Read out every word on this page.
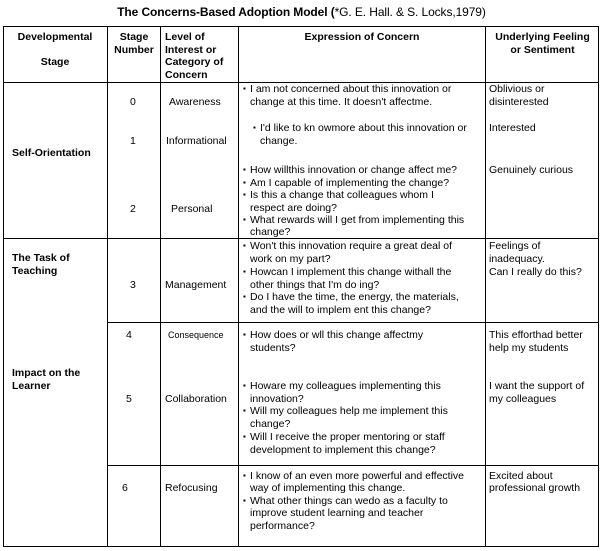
The Concerns-Based Adoption Model (*G. E. Hall. & S. Locks,1979)
Developmental
Stage
Stage
Number
Level of
Interest or
Category of
Concern
Expression of Concern	Underlying Feeling
or Sentiment
Self-Orientation
The Task of
Teaching
Impact on the
Learner
0	Awareness
▪ I am not concerned about this innovation or
change at this time. It doesn't affectme.
Oblivious or
disinterested
1	Informational
▪ I'd like to kn owmore about this innovation or
change.
Interested
2	Personal
▪ How willthis innovation or change affect me?
▪ Am I capable of implementing the change?
▪ Is this a change that colleagues whom I
respect are doing?
▪ What rewards will I get from implementing this
change?
Genuinely curious
3	Management
▪ Won't this innovation require a great deal of
work on my part?
▪ Howcan I implement this change withall the
other things that I'm do ing?
▪ Do I have the time, the energy, the materials,
and the will to implem ent this change?
Feelings of
inadequacy.
Can I really do this?
4	Consequence
▪	How does or wll this change affectmy
students?
This efforthad better
help my students
5	Collaboration
▪ Howare my colleagues implementing this
innovation?
▪ Will my colleagues help me implement this
change?
▪ Will I receive the proper mentoring or staff
development to implement this change?
I want the support of
my colleagues
6	Refocusing
▪ I know of an even more powerful and effective
way of implementing this change.
▪ What other things can wedo as a faculty to
improve student learning and teacher
performance?
Excited about
professional growth
